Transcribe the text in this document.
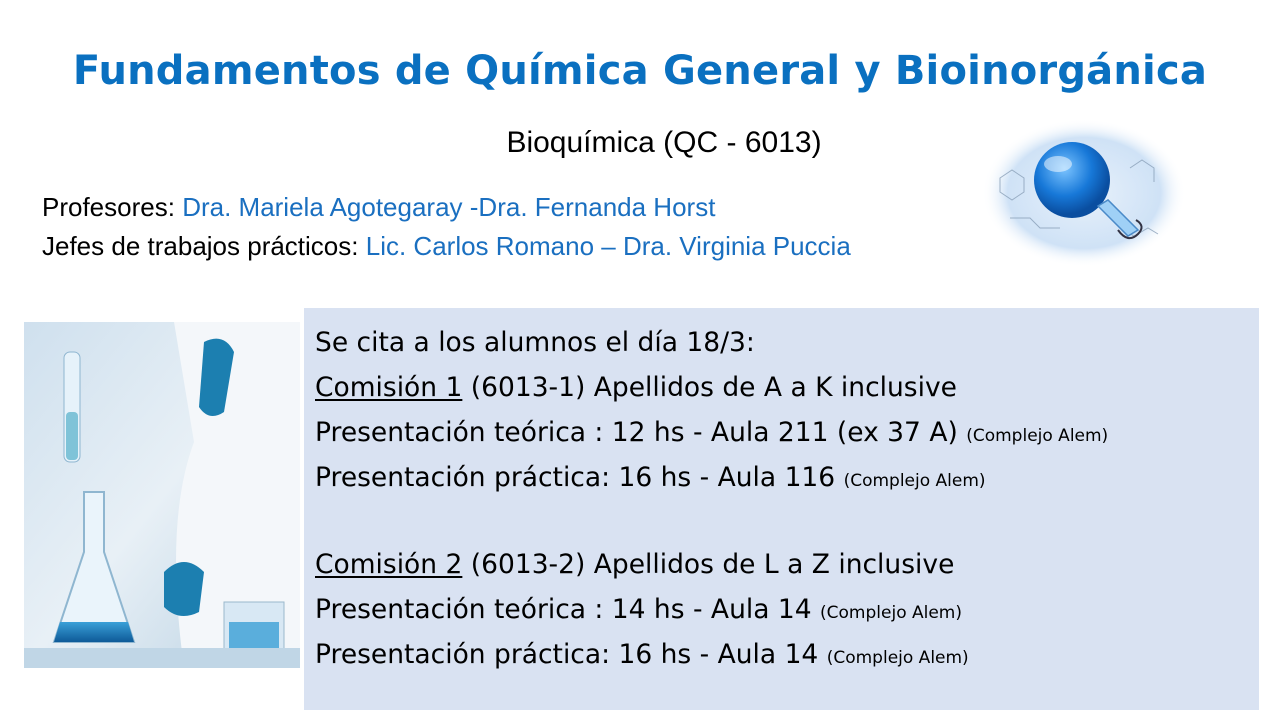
Fundamentos de Química General y Bioinorgánica
Bioquímica (QC - 6013)
Profesores: Dra. Mariela Agotegaray -Dra. Fernanda Horst
Jefes de trabajos prácticos: Lic. Carlos Romano – Dra. Virginia Puccia
Se cita a los alumnos el día 18/3:
Comisión 1 (6013-1) Apellidos de A a K inclusive
Presentación teórica : 12 hs - Aula 211 (ex 37 A) (Complejo Alem)
Presentación práctica: 16 hs - Aula 116 (Complejo Alem)
Comisión 2 (6013-2) Apellidos de L a Z inclusive
Presentación teórica : 14 hs - Aula 14 (Complejo Alem)
Presentación práctica: 16 hs - Aula 14 (Complejo Alem)
